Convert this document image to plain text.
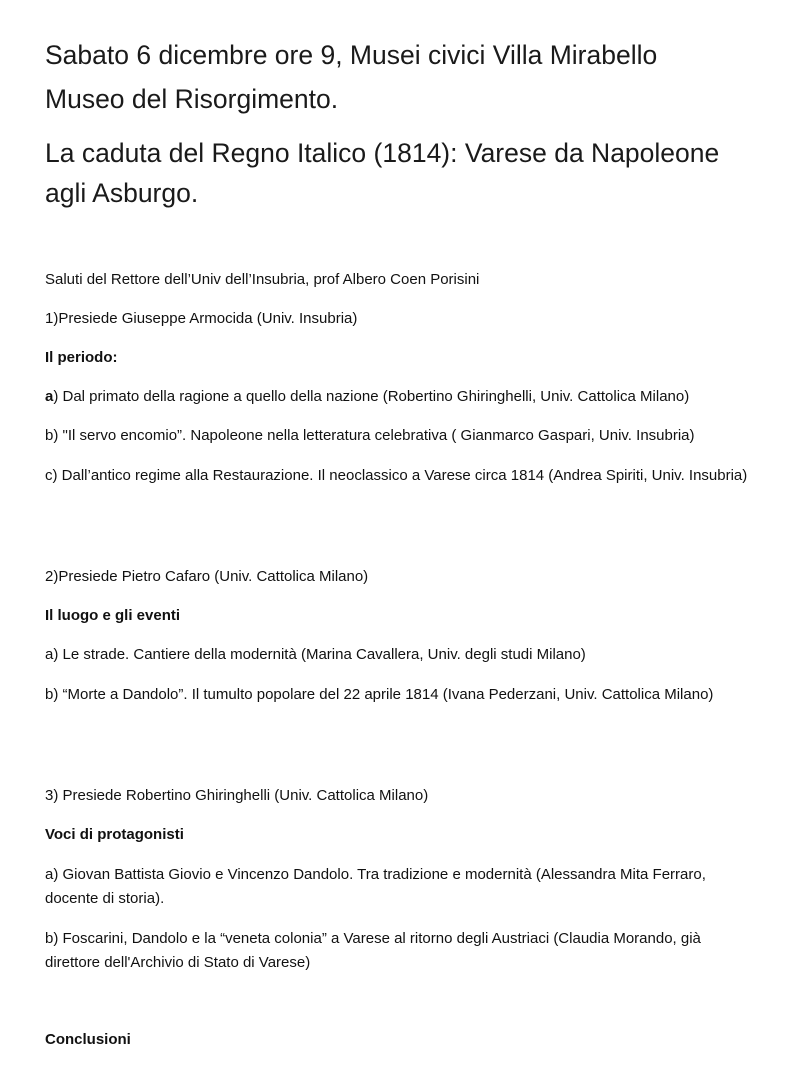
Sabato 6 dicembre ore 9, Musei civici Villa Mirabello

Museo del Risorgimento.

La caduta del Regno Italico (1814): Varese da Napoleone

agli Asburgo.

Saluti del Rettore dell’Univ dell’Insubria, prof Albero Coen Porisini

1)Presiede Giuseppe Armocida (Univ. Insubria)

Il periodo:

a) Dal primato della ragione a quello della nazione (Robertino Ghiringhelli, Univ. Cattolica Milano)

b) "Il servo encomio”. Napoleone nella letteratura celebrativa ( Gianmarco Gaspari, Univ. Insubria)

c) Dall’antico regime alla Restaurazione. Il neoclassico a Varese circa 1814 (Andrea Spiriti, Univ. Insubria)

2)Presiede Pietro Cafaro (Univ. Cattolica Milano)

Il luogo e gli eventi

a) Le strade. Cantiere della modernità (Marina Cavallera, Univ. degli studi Milano)

b) “Morte a Dandolo”. Il tumulto popolare del 22 aprile 1814 (Ivana Pederzani, Univ. Cattolica Milano)

3) Presiede Robertino Ghiringhelli (Univ. Cattolica Milano)

Voci di protagonisti

a) Giovan Battista Giovio e Vincenzo Dandolo. Tra tradizione e modernità (Alessandra Mita Ferraro, docente di storia).

b) Foscarini, Dandolo e la “veneta colonia” a Varese al ritorno degli Austriaci (Claudia Morando, già direttore dell'Archivio di Stato di Varese)

Conclusioni
